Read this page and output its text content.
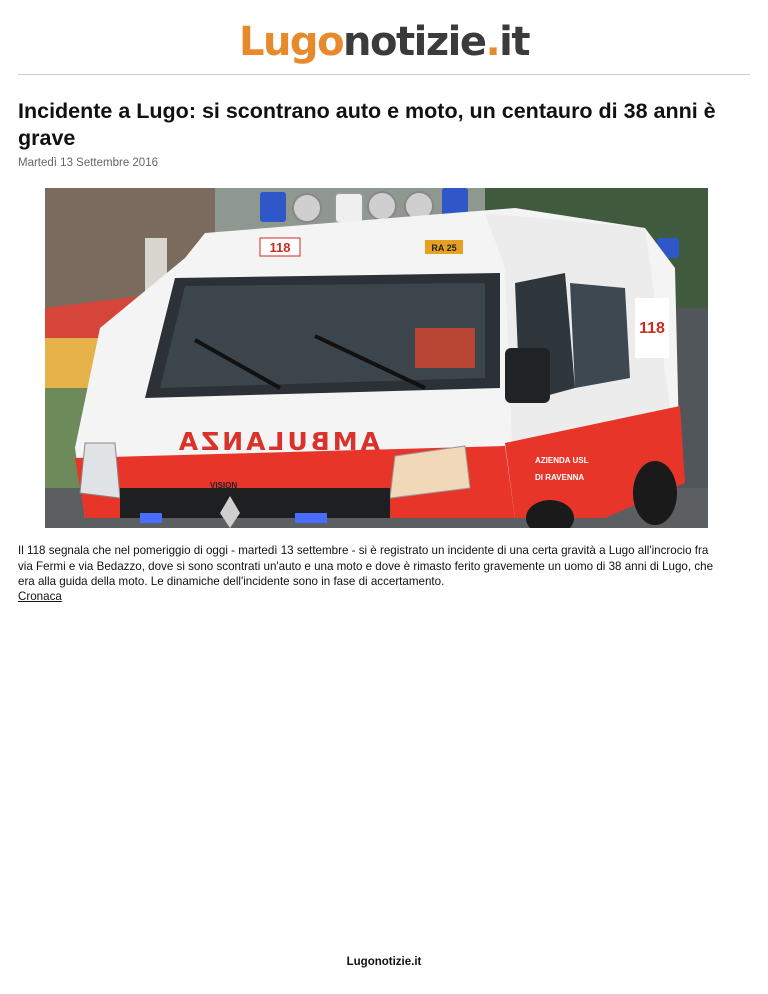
Lugonotizie.it
Incidente a Lugo: si scontrano auto e moto, un centauro di 38 anni è grave
Martedì 13 Settembre 2016
118	RA 25
118
AMBULANZA
VISION
AZIENDA USL
DI RAVENNA

Il 118 segnala che nel pomeriggio di oggi - martedì 13 settembre - si è registrato un incidente di una certa gravità a Lugo all'incrocio fra via Fermi e via Bedazzo, dove si sono scontrati un'auto e una moto e dove è rimasto ferito gravemente un uomo di 38 anni di Lugo, che era alla guida della moto. Le dinamiche dell'incidente sono in fase di accertamento.

Cronaca
Lugonotizie.it
